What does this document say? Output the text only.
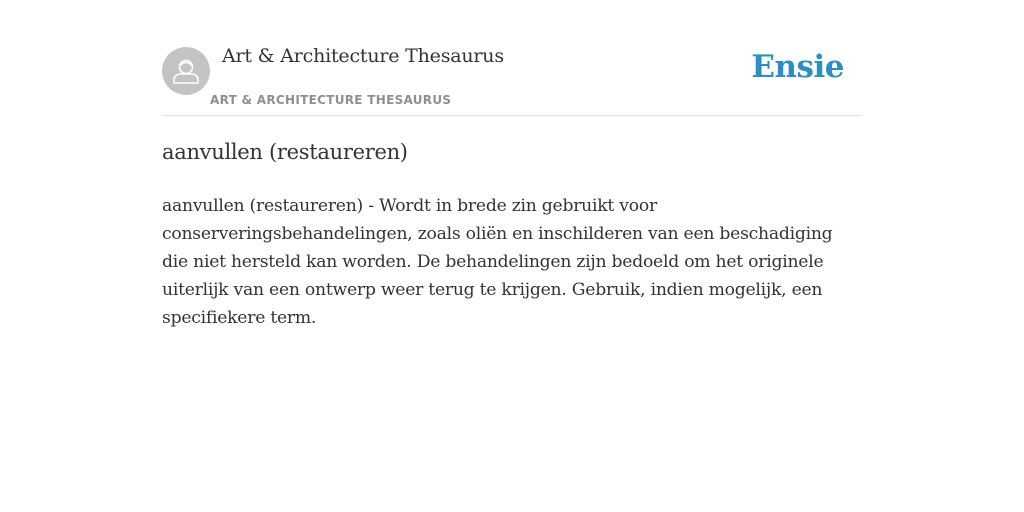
Art & Architecture Thesaurus
ART & ARCHITECTURE THESAURUS
Ensie
aanvullen (restaureren)

aanvullen (restaureren) - Wordt in brede zin gebruikt voor conserveringsbehandelingen, zoals oliën en inschilderen van een beschadiging die niet hersteld kan worden. De behandelingen zijn bedoeld om het originele uiterlijk van een ontwerp weer terug te krijgen. Gebruik, indien mogelijk, een specifiekere term.
